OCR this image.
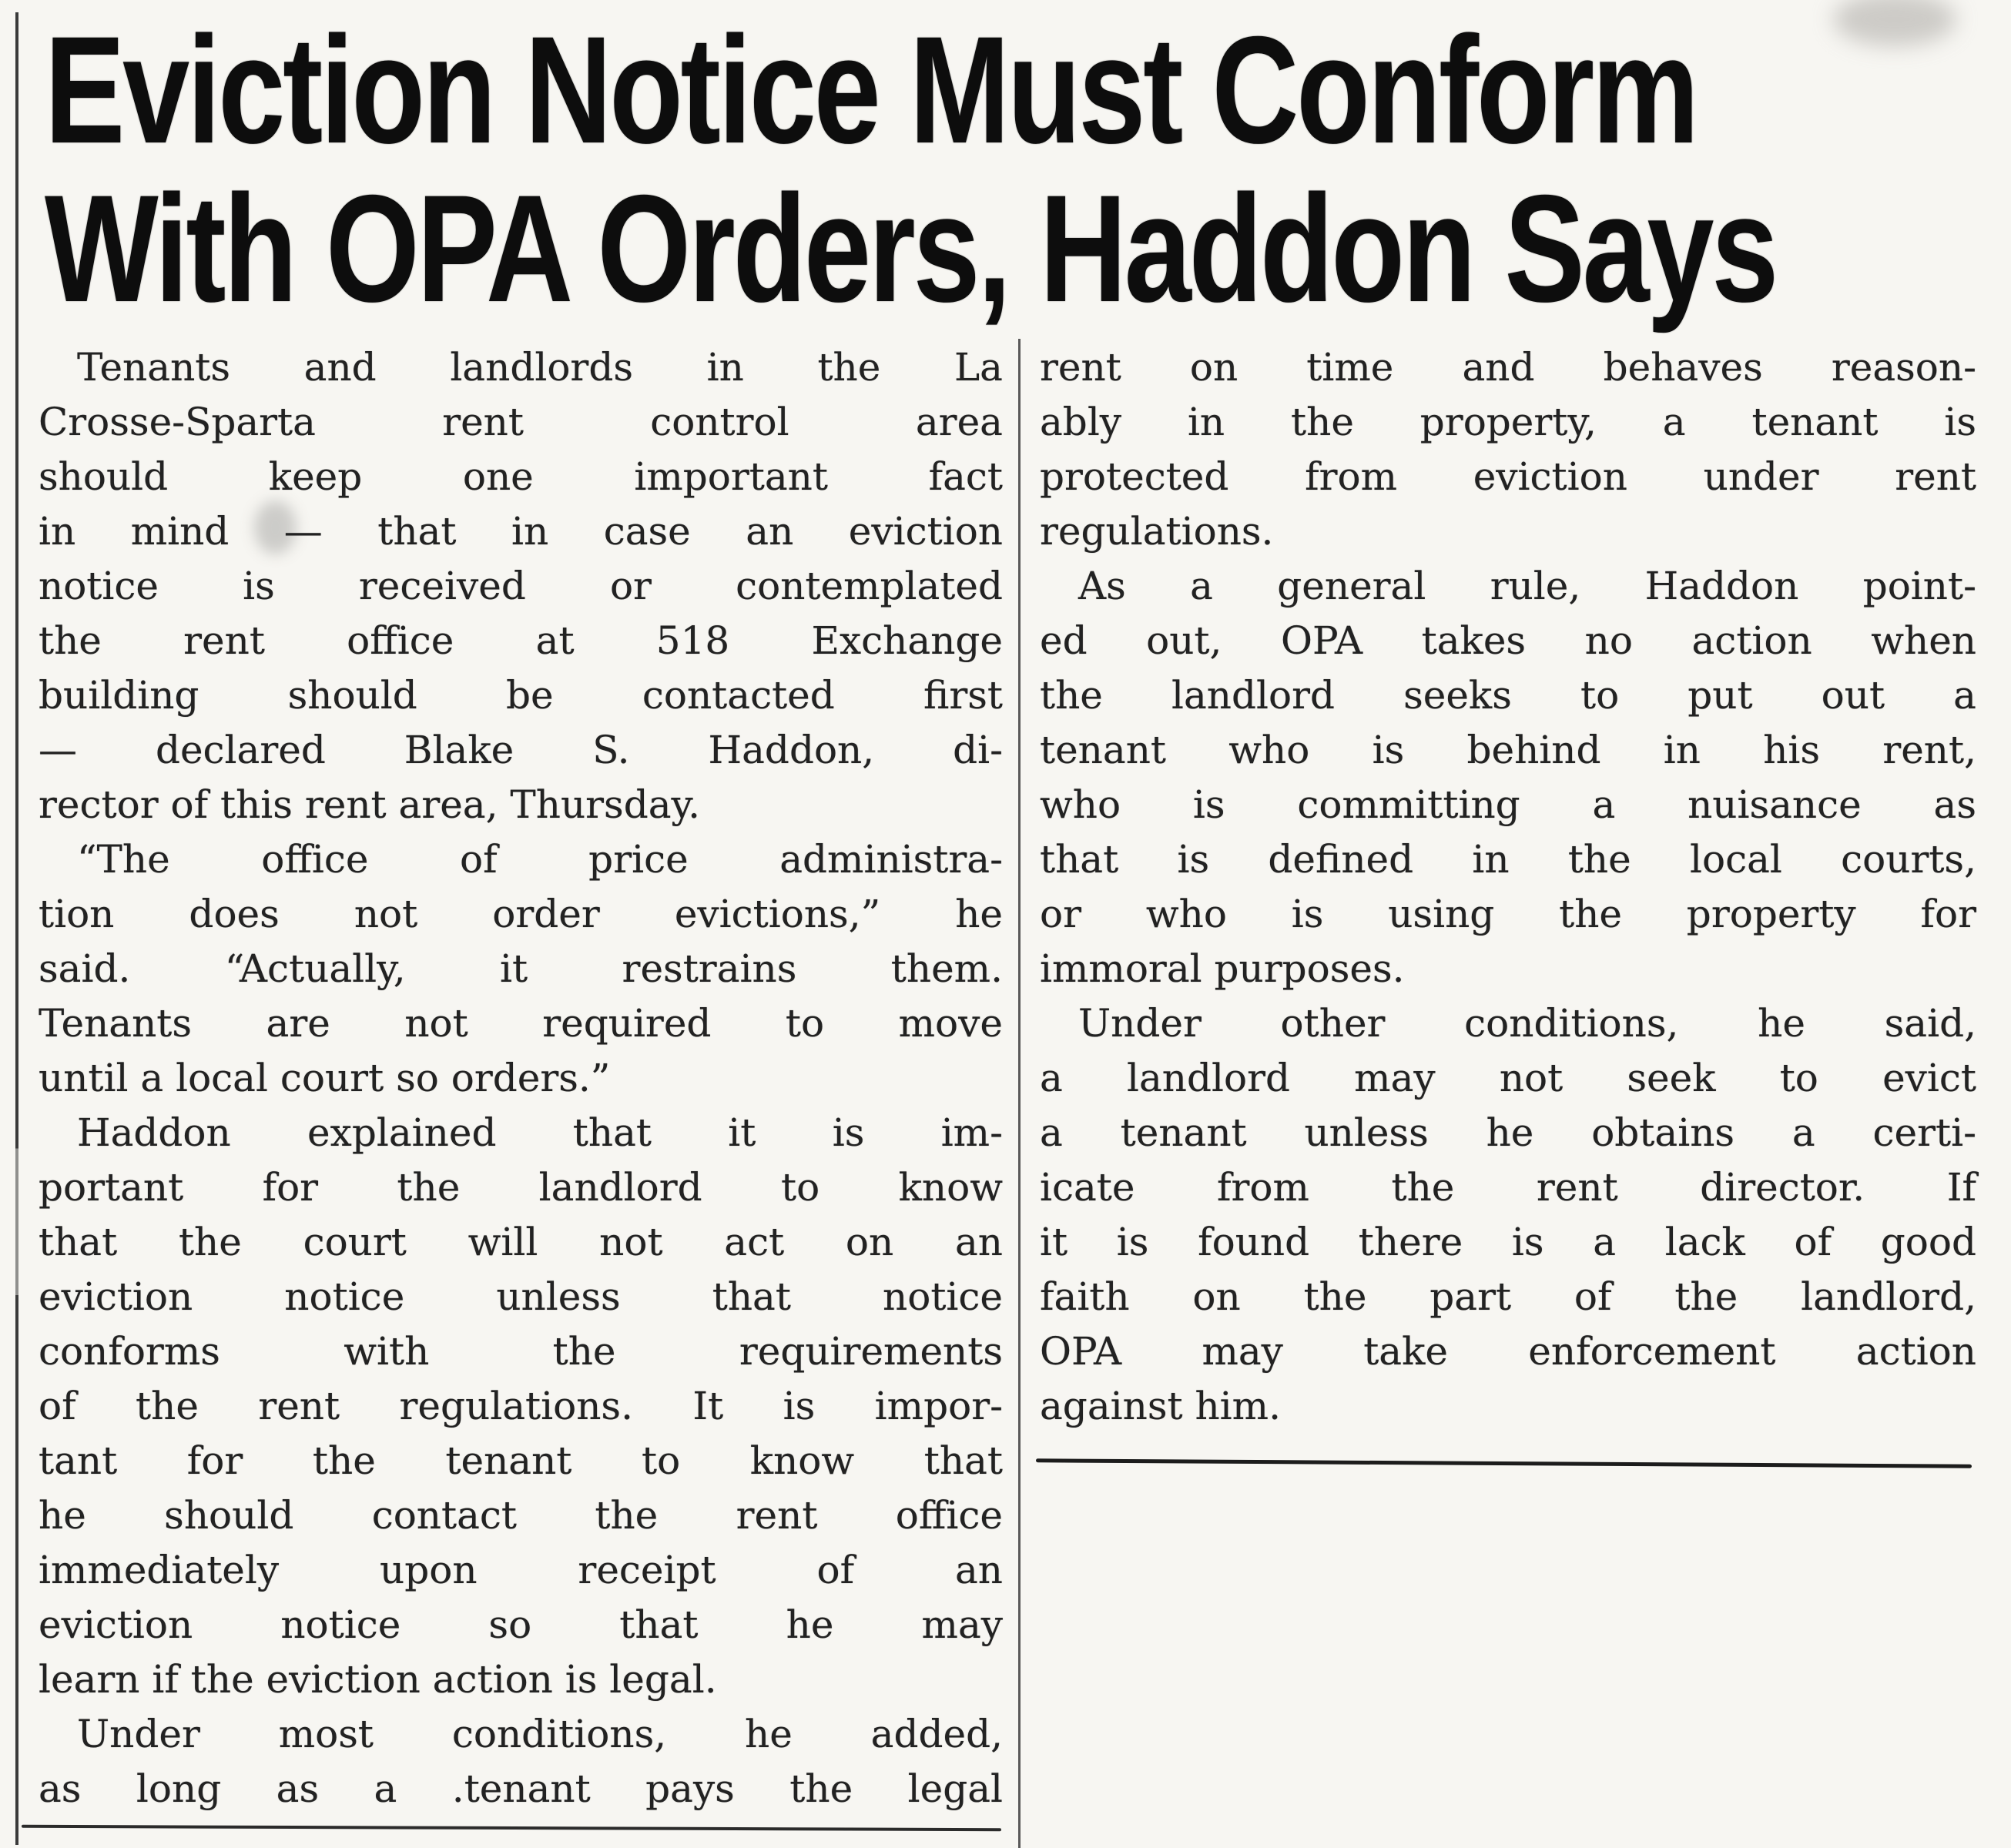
Eviction Notice Must Conform
With OPA Orders, Haddon Says
Tenants and landlords in the La
Crosse-Sparta rent control area
should keep one important fact
in mind — that in case an eviction
notice is received or contemplated
the rent office at 518 Exchange
building should be contacted first
— declared Blake S. Haddon, di-
rector of this rent area, Thursday.
“The office of price administra-
tion does not order evictions,” he
said. “Actually, it restrains them.
Tenants are not required to move
until a local court so orders.”
Haddon explained that it is im-
portant for the landlord to know
that the court will not act on an
eviction notice unless that notice
conforms with the requirements
of the rent regulations. It is impor-
tant for the tenant to know that
he should contact the rent office
immediately upon receipt of an
eviction notice so that he may
learn if the eviction action is legal.
Under most conditions, he added,
as long as a .tenant pays the legal
rent on time and behaves reason-
ably in the property, a tenant is
protected from eviction under rent
regulations.
As a general rule, Haddon point-
ed out, OPA takes no action when
the landlord seeks to put out a
tenant who is behind in his rent,
who is committing a nuisance as
that is defined in the local courts,
or who is using the property for
immoral purposes.
Under other conditions, he said,
a landlord may not seek to evict
a tenant unless he obtains a certi-
icate from the rent director. If
it is found there is a lack of good
faith on the part of the landlord,
OPA may take enforcement action
against him.
